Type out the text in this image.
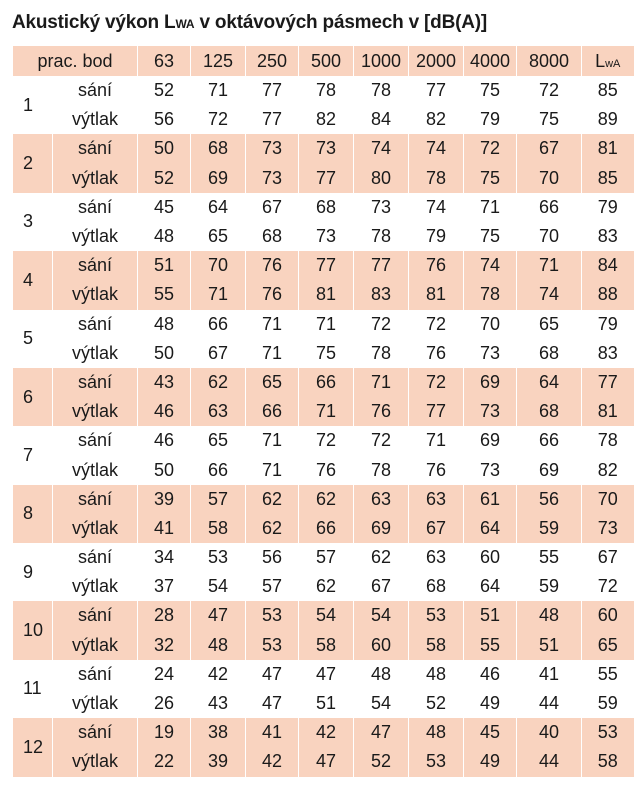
Akustický výkon LWA v oktávových pásmech v [dB(A)]
prac. bod		63	125	250	500	1000	2000	4000	8000	LwA
1	sání	52	71	77	78	78	77	75	72	85
	výtlak	56	72	77	82	84	82	79	75	89
2	sání	50	68	73	73	74	74	72	67	81
	výtlak	52	69	73	77	80	78	75	70	85
3	sání	45	64	67	68	73	74	71	66	79
	výtlak	48	65	68	73	78	79	75	70	83
4	sání	51	70	76	77	77	76	74	71	84
	výtlak	55	71	76	81	83	81	78	74	88
5	sání	48	66	71	71	72	72	70	65	79
	výtlak	50	67	71	75	78	76	73	68	83
6	sání	43	62	65	66	71	72	69	64	77
	výtlak	46	63	66	71	76	77	73	68	81
7	sání	46	65	71	72	72	71	69	66	78
	výtlak	50	66	71	76	78	76	73	69	82
8	sání	39	57	62	62	63	63	61	56	70
	výtlak	41	58	62	66	69	67	64	59	73
9	sání	34	53	56	57	62	63	60	55	67
	výtlak	37	54	57	62	67	68	64	59	72
10	sání	28	47	53	54	54	53	51	48	60
	výtlak	32	48	53	58	60	58	55	51	65
11	sání	24	42	47	47	48	48	46	41	55
	výtlak	26	43	47	51	54	52	49	44	59
12	sání	19	38	41	42	47	48	45	40	53
	výtlak	22	39	42	47	52	53	49	44	58
